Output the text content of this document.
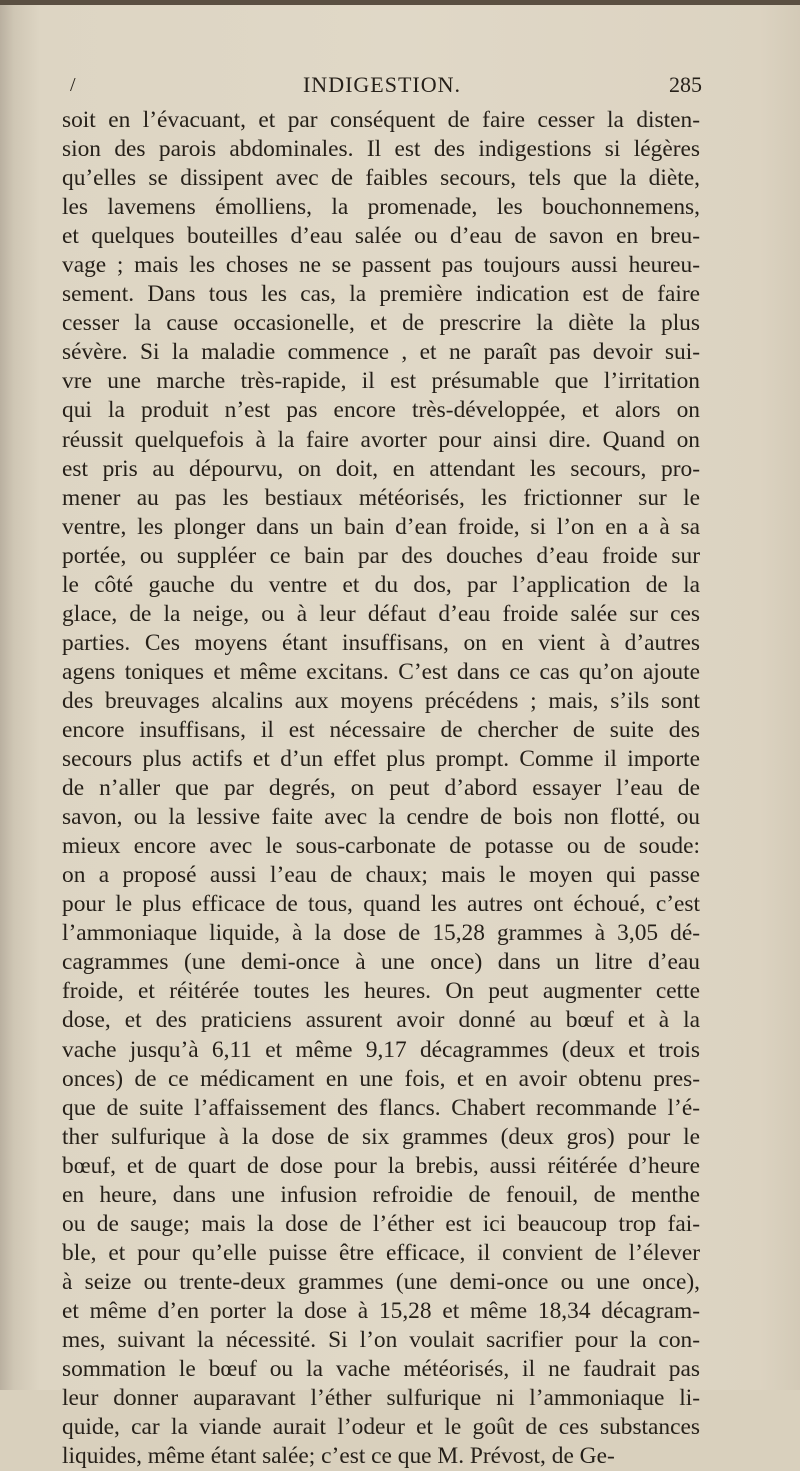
/	INDIGESTION.	285
soit en l’évacuant, et par conséquent de faire cesser la disten-
sion des parois abdominales. Il est des indigestions si légères
qu’elles se dissipent avec de faibles secours, tels que la diète,
les lavemens émolliens, la promenade, les bouchonnemens,
et quelques bouteilles d’eau salée ou d’eau de savon en breu-
vage ; mais les choses ne se passent pas toujours aussi heureu-
sement. Dans tous les cas, la première indication est de faire
cesser la cause occasionelle, et de prescrire la diète la plus
sévère. Si la maladie commence , et ne paraît pas devoir sui-
vre une marche très-rapide, il est présumable que l’irritation
qui la produit n’est pas encore très-développée, et alors on
réussit quelquefois à la faire avorter pour ainsi dire. Quand on
est pris au dépourvu, on doit, en attendant les secours, pro-
mener au pas les bestiaux météorisés, les frictionner sur le
ventre, les plonger dans un bain d’ean froide, si l’on en a à sa
portée, ou suppléer ce bain par des douches d’eau froide sur
le côté gauche du ventre et du dos, par l’application de la
glace, de la neige, ou à leur défaut d’eau froide salée sur ces
parties. Ces moyens étant insuffisans, on en vient à d’autres
agens toniques et même excitans. C’est dans ce cas qu’on ajoute
des breuvages alcalins aux moyens précédens ; mais, s’ils sont
encore insuffisans, il est nécessaire de chercher de suite des
secours plus actifs et d’un effet plus prompt. Comme il importe
de n’aller que par degrés, on peut d’abord essayer l’eau de
savon, ou la lessive faite avec la cendre de bois non flotté, ou
mieux encore avec le sous-carbonate de potasse ou de soude:
on a proposé aussi l’eau de chaux; mais le moyen qui passe
pour le plus efficace de tous, quand les autres ont échoué, c’est
l’ammoniaque liquide, à la dose de 15,28 grammes à 3,05 dé-
cagrammes (une demi-once à une once) dans un litre d’eau
froide, et réitérée toutes les heures. On peut augmenter cette
dose, et des praticiens assurent avoir donné au bœuf et à la
vache jusqu’à 6,11 et même 9,17 décagrammes (deux et trois
onces) de ce médicament en une fois, et en avoir obtenu pres-
que de suite l’affaissement des flancs. Chabert recommande l’é-
ther sulfurique à la dose de six grammes (deux gros) pour le
bœuf, et de quart de dose pour la brebis, aussi réitérée d’heure
en heure, dans une infusion refroidie de fenouil, de menthe
ou de sauge; mais la dose de l’éther est ici beaucoup trop fai-
ble, et pour qu’elle puisse être efficace, il convient de l’élever
à seize ou trente-deux grammes (une demi-once ou une once),
et même d’en porter la dose à 15,28 et même 18,34 décagram-
mes, suivant la nécessité. Si l’on voulait sacrifier pour la con-
sommation le bœuf ou la vache météorisés, il ne faudrait pas
leur donner auparavant l’éther sulfurique ni l’ammoniaque li-
quide, car la viande aurait l’odeur et le goût de ces substances
liquides, même étant salée; c’est ce que M. Prévost, de Ge-
